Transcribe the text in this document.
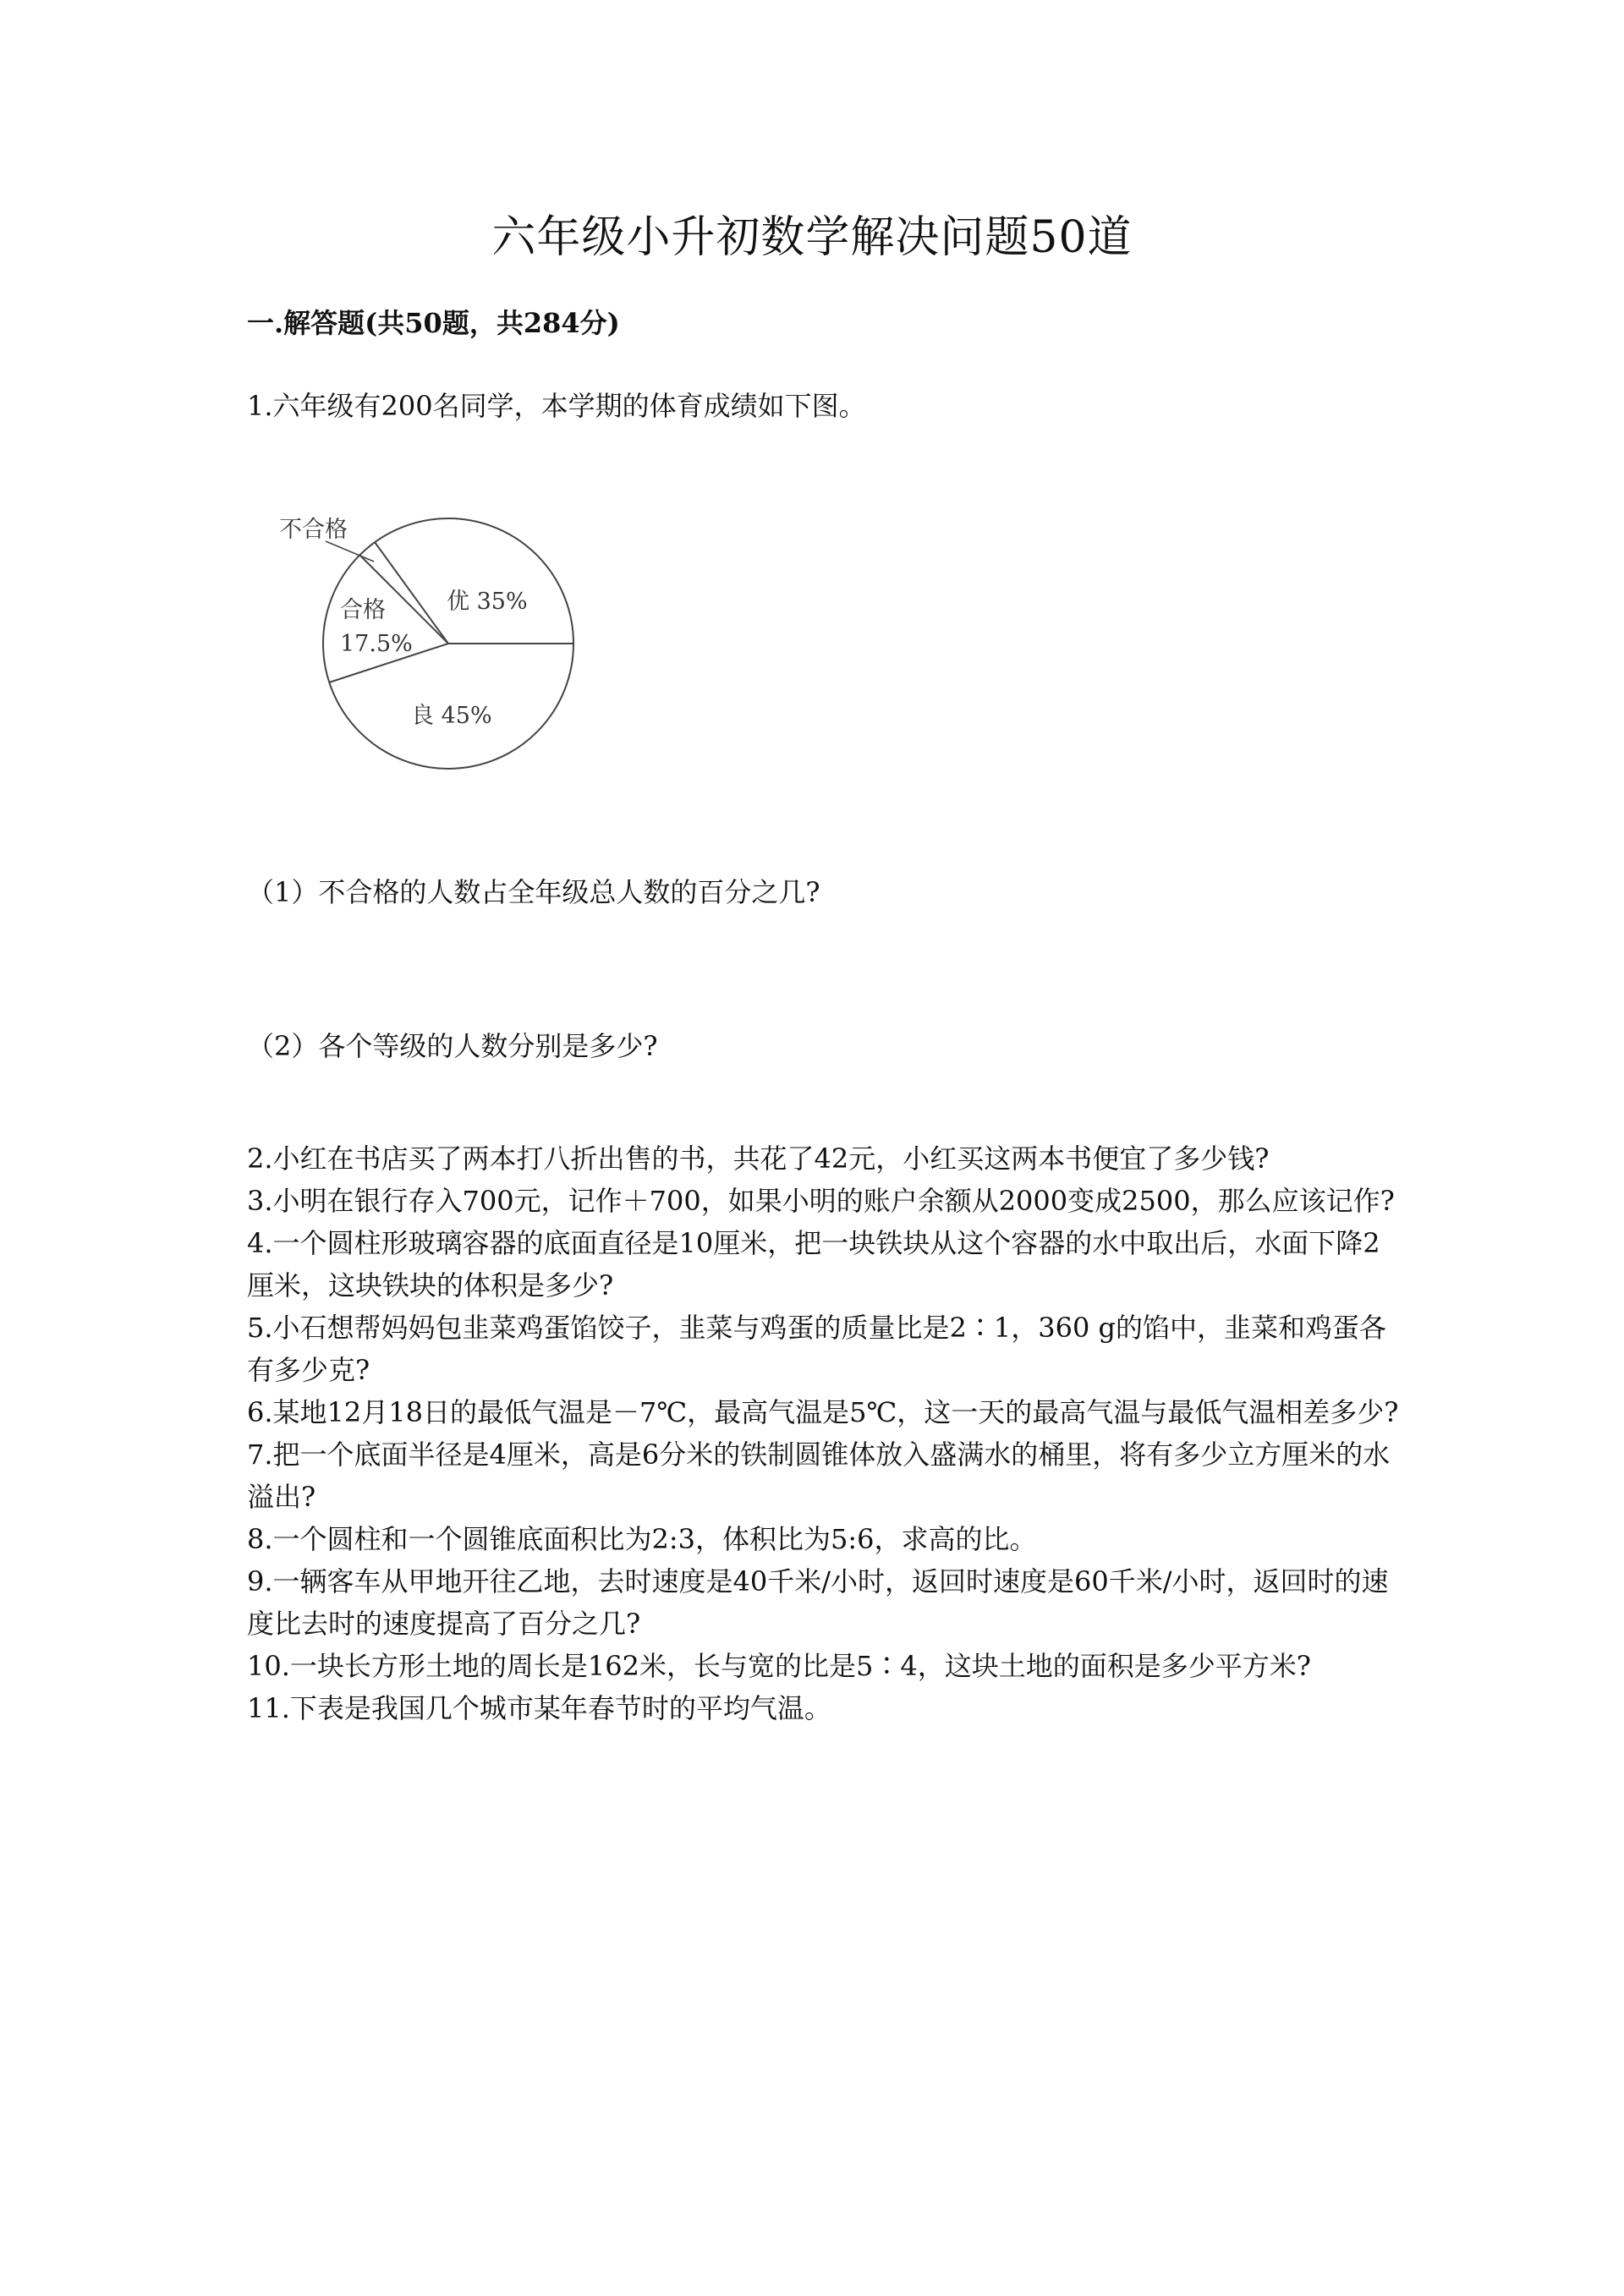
六年级小升初数学解决问题50道
一.解答题(共50题，共284分)
1.六年级有200名同学，本学期的体育成绩如下图。
不合格
合格
17.5%
优 35%
良 45%
（1）不合格的人数占全年级总人数的百分之几?
（2）各个等级的人数分别是多少?

2.小红在书店买了两本打八折出售的书，共花了42元，小红买这两本书便宜了多少钱?

3.小明在银行存入700元，记作＋700，如果小明的账户余额从2000变成2500，那么应该记作?

4.一个圆柱形玻璃容器的底面直径是10厘米，把一块铁块从这个容器的水中取出后，水面下降2厘米，这块铁块的体积是多少?

5.小石想帮妈妈包韭菜鸡蛋馅饺子，韭菜与鸡蛋的质量比是2∶1，360 g的馅中，韭菜和鸡蛋各有多少克?

6.某地12月18日的最低气温是－7℃，最高气温是5℃，这一天的最高气温与最低气温相差多少?

7.把一个底面半径是4厘米，高是6分米的铁制圆锥体放入盛满水的桶里，将有多少立方厘米的水溢出?

8.一个圆柱和一个圆锥底面积比为2:3，体积比为5:6，求高的比。

9.一辆客车从甲地开往乙地，去时速度是40千米/小时，返回时速度是60千米/小时，返回时的速度比去时的速度提高了百分之几?

10.一块长方形土地的周长是162米，长与宽的比是5∶4，这块土地的面积是多少平方米?

11.下表是我国几个城市某年春节时的平均气温。
